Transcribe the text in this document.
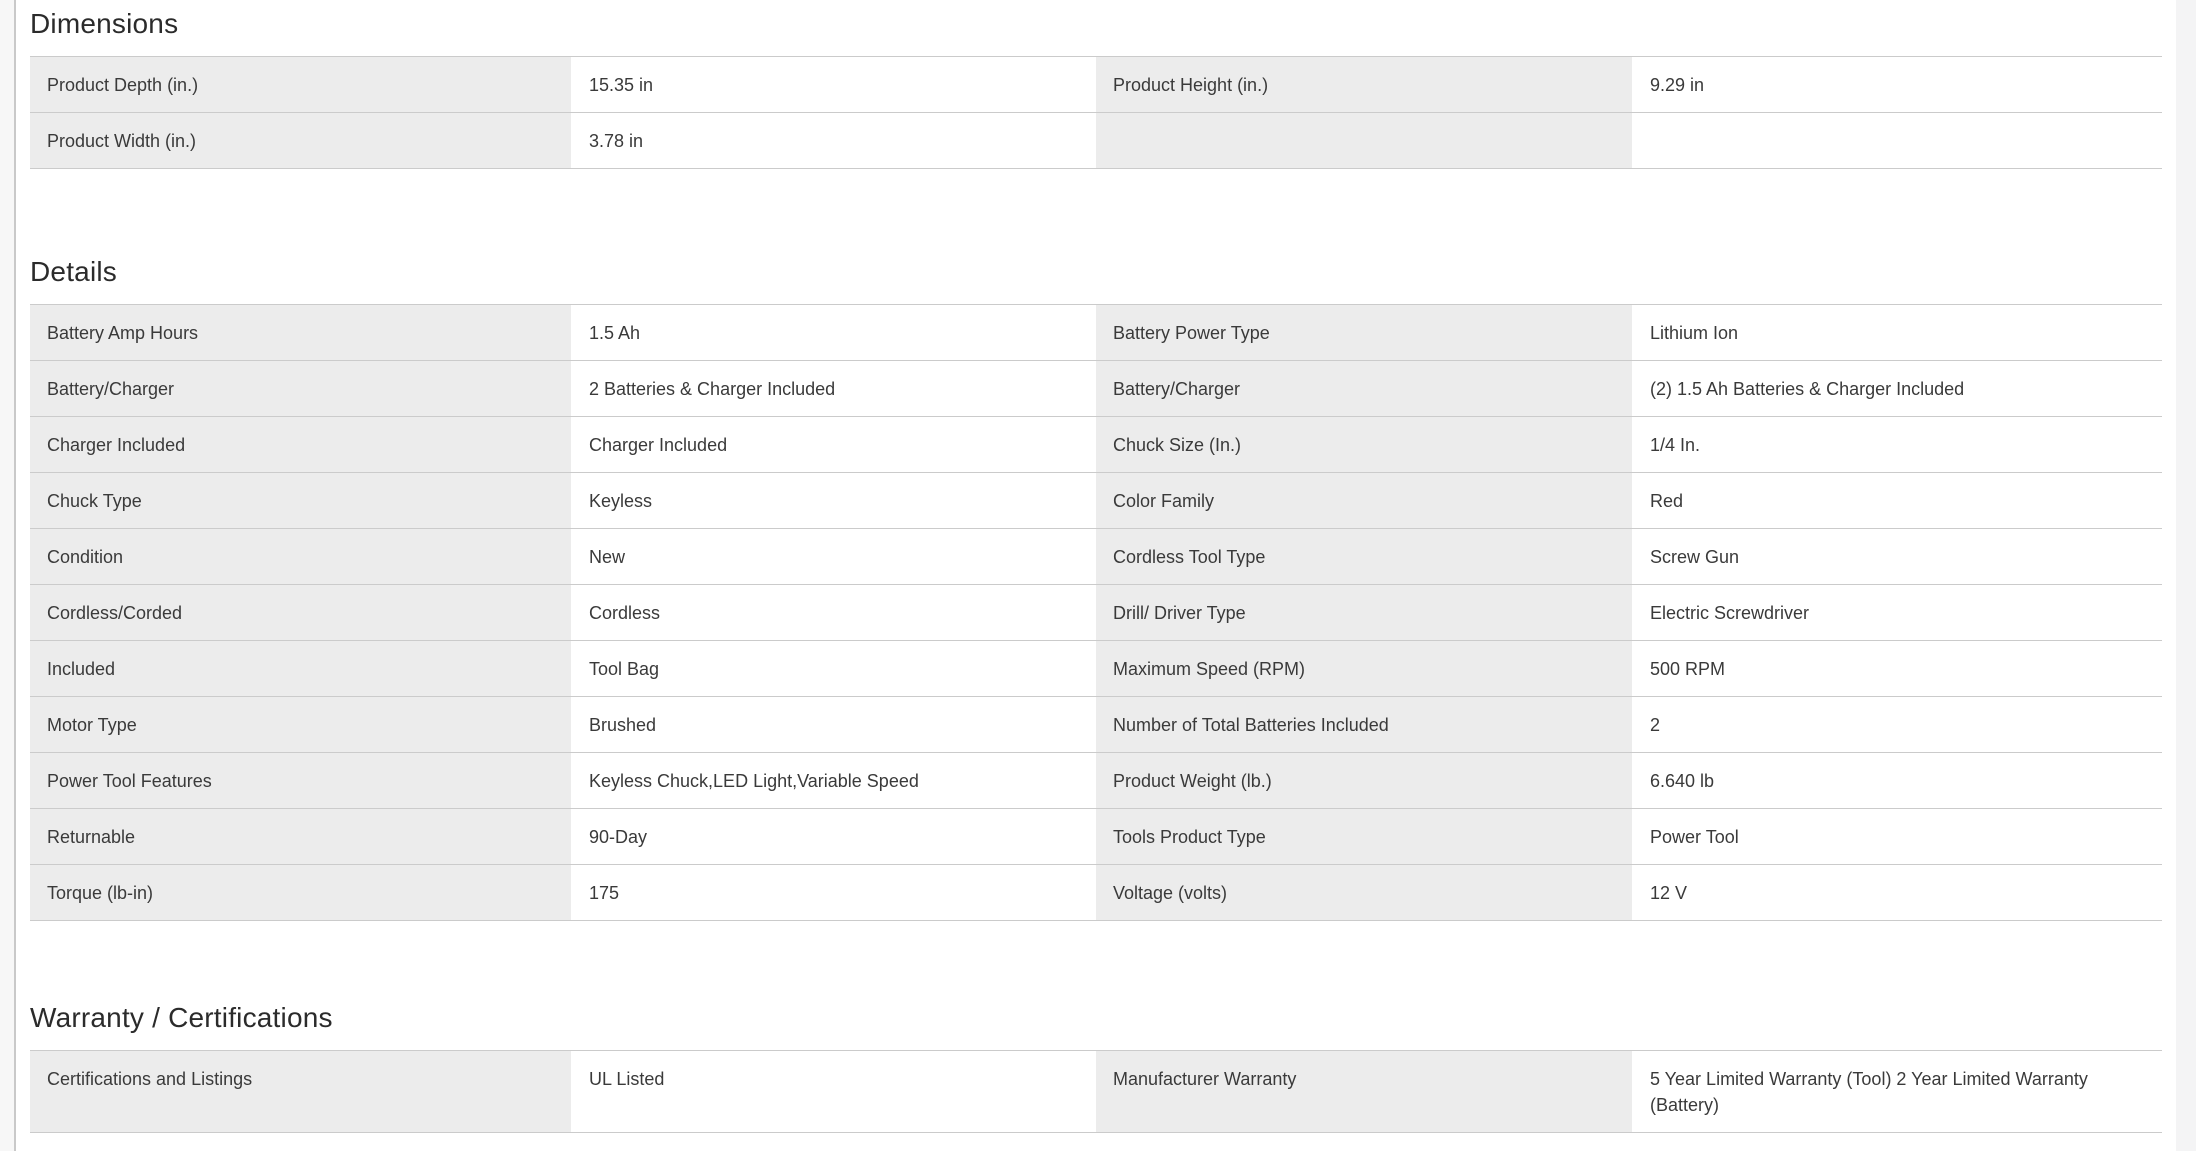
Dimensions
Product Depth (in.)	15.35 in	Product Height (in.)	9.29 in
Product Width (in.)	3.78 in
Details
Battery Amp Hours	1.5 Ah	Battery Power Type	Lithium Ion
Battery/Charger	2 Batteries & Charger Included	Battery/Charger	(2) 1.5 Ah Batteries & Charger Included
Charger Included	Charger Included	Chuck Size (In.)	1/4 In.
Chuck Type	Keyless	Color Family	Red
Condition	New	Cordless Tool Type	Screw Gun
Cordless/Corded	Cordless	Drill/ Driver Type	Electric Screwdriver
Included	Tool Bag	Maximum Speed (RPM)	500 RPM
Motor Type	Brushed	Number of Total Batteries Included	2
Power Tool Features	Keyless Chuck,LED Light,Variable Speed	Product Weight (lb.)	6.640 lb
Returnable	90-Day	Tools Product Type	Power Tool
Torque (lb-in)	175	Voltage (volts)	12 V
Warranty / Certifications
Certifications and Listings	UL Listed	Manufacturer Warranty	5 Year Limited Warranty (Tool) 2 Year Limited Warranty (Battery)
